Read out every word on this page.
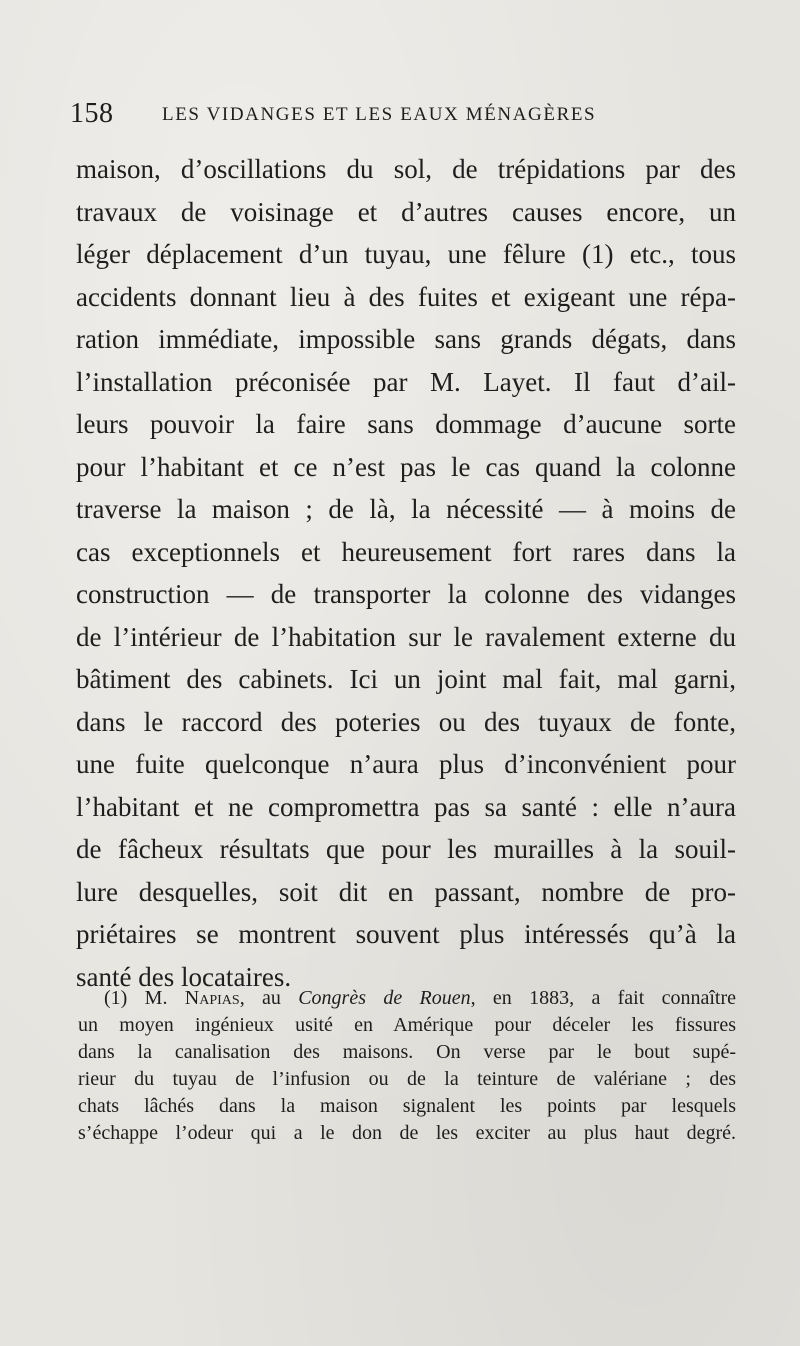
158	LES VIDANGES ET LES EAUX MÉNAGÈRES
maison, d’oscillations du sol, de trépidations par des
travaux de voisinage et d’autres causes encore, un
léger déplacement d’un tuyau, une fêlure (1) etc., tous
accidents donnant lieu à des fuites et exigeant une répa-
ration immédiate, impossible sans grands dégats, dans
l’installation préconisée par M. Layet. Il faut d’ail-
leurs pouvoir la faire sans dommage d’aucune sorte
pour l’habitant et ce n’est pas le cas quand la colonne
traverse la maison ; de là, la nécessité — à moins de
cas exceptionnels et heureusement fort rares dans la
construction — de transporter la colonne des vidanges
de l’intérieur de l’habitation sur le ravalement externe du
bâtiment des cabinets. Ici un joint mal fait, mal garni,
dans le raccord des poteries ou des tuyaux de fonte,
une fuite quelconque n’aura plus d’inconvénient pour
l’habitant et ne compromettra pas sa santé : elle n’aura
de fâcheux résultats que pour les murailles à la souil-
lure desquelles, soit dit en passant, nombre de pro-
priétaires se montrent souvent plus intéressés qu’à la
santé des locataires.
(1) M. Napias, au Congrès de Rouen, en 1883, a fait connaître
un moyen ingénieux usité en Amérique pour déceler les fissures
dans la canalisation des maisons. On verse par le bout supé-
rieur du tuyau de l’infusion ou de la teinture de valériane ; des
chats lâchés dans la maison signalent les points par lesquels
s’échappe l’odeur qui a le don de les exciter au plus haut degré.
